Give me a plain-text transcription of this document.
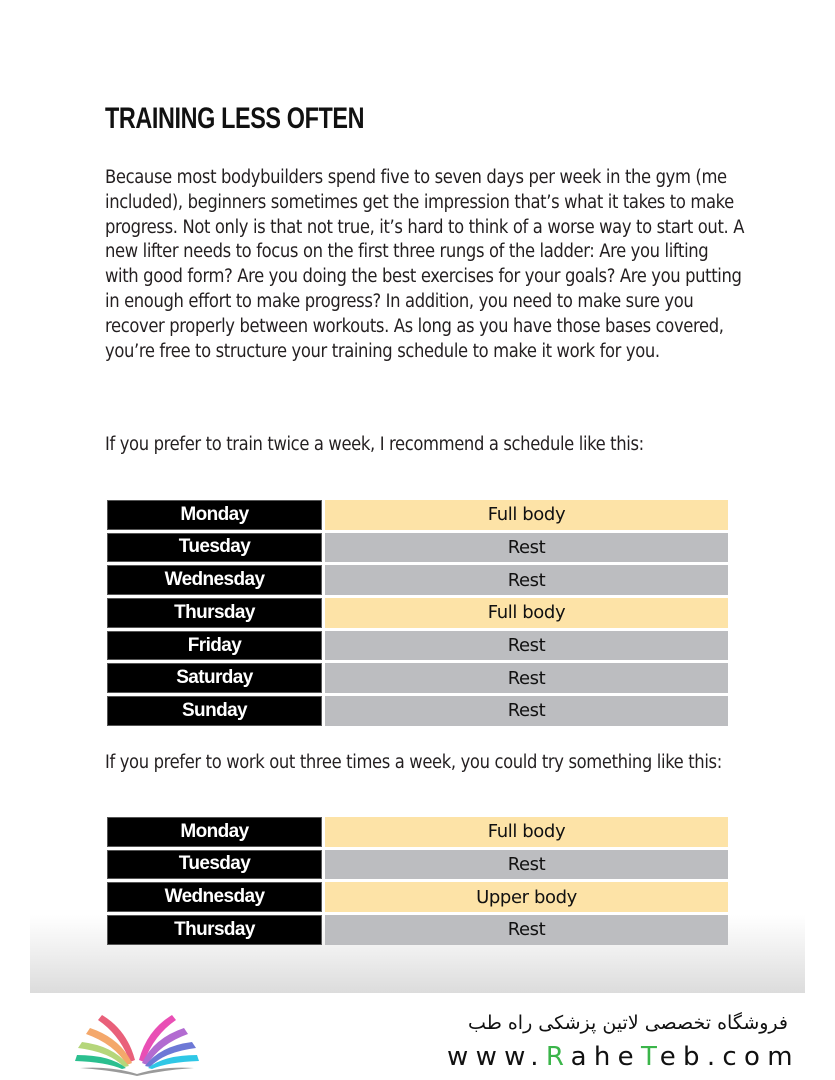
TRAINING LESS OFTEN

Because most bodybuilders spend five to seven days per week in the gym (me included), beginners sometimes get the impression that’s what it takes to make progress. Not only is that not true, it’s hard to think of a worse way to start out. A new lifter needs to focus on the first three rungs of the ladder: Are you lifting with good form? Are you doing the best exercises for your goals? Are you putting in enough effort to make progress? In addition, you need to make sure you recover properly between workouts. As long as you have those bases covered, you’re free to structure your training schedule to make it work for you.

If you prefer to train twice a week, I recommend a schedule like this:

Monday	Full body
Tuesday	Rest
Wednesday	Rest
Thursday	Full body
Friday	Rest
Saturday	Rest
Sunday	Rest

If you prefer to work out three times a week, you could try something like this:

Monday	Full body
Tuesday	Rest
Wednesday	Upper body
Thursday	Rest
فروشگاه تخصصی لاتین پزشکی راه طب
www.RaheTeb.com
